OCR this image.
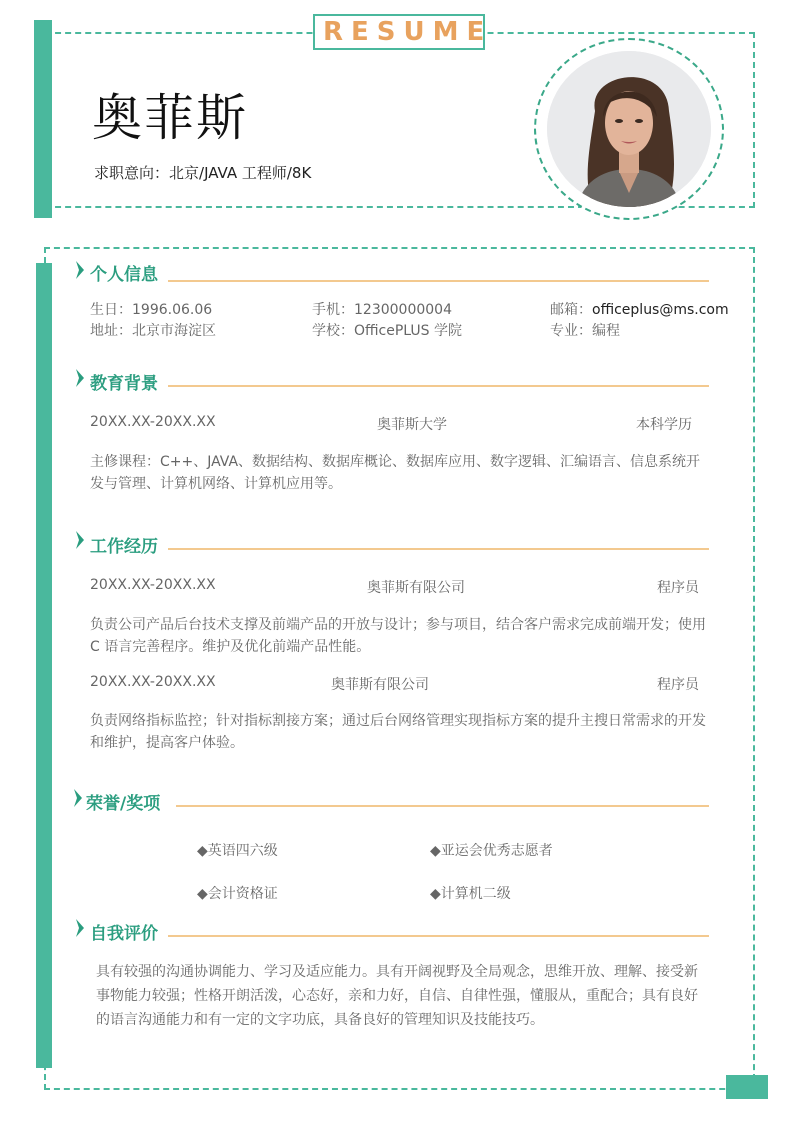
RESUME
奥菲斯
求职意向：北京/JAVA 工程师/8K
个人信息
生日：1996.06.06	手机：12300000004	邮箱：officeplus@ms.com
地址：北京市海淀区	学校：OfficePLUS 学院	专业：编程
教育背景
20XX.XX-20XX.XX	奥菲斯大学	本科学历
主修课程：C++、JAVA、数据结构、数据库概论、数据库应用、数字逻辑、汇编语言、信息系统开发与管理、计算机网络、计算机应用等。
工作经历
20XX.XX-20XX.XX	奥菲斯有限公司	程序员
负责公司产品后台技术支撑及前端产品的开放与设计；参与项目，结合客户需求完成前端开发；使用 C 语言完善程序。维护及优化前端产品性能。
20XX.XX-20XX.XX	奥菲斯有限公司	程序员
负责网络指标监控；针对指标割接方案；通过后台网络管理实现指标方案的提升主搜日常需求的开发和维护，提高客户体验。
荣誉/奖项
◆英语四六级	◆亚运会优秀志愿者
◆会计资格证	◆计算机二级
自我评价
具有较强的沟通协调能力、学习及适应能力。具有开阔视野及全局观念，思维开放、理解、接受新事物能力较强；性格开朗活泼，心态好，亲和力好，自信、自律性强，懂服从，重配合；具有良好的语言沟通能力和有一定的文字功底，具备良好的管理知识及技能技巧。
